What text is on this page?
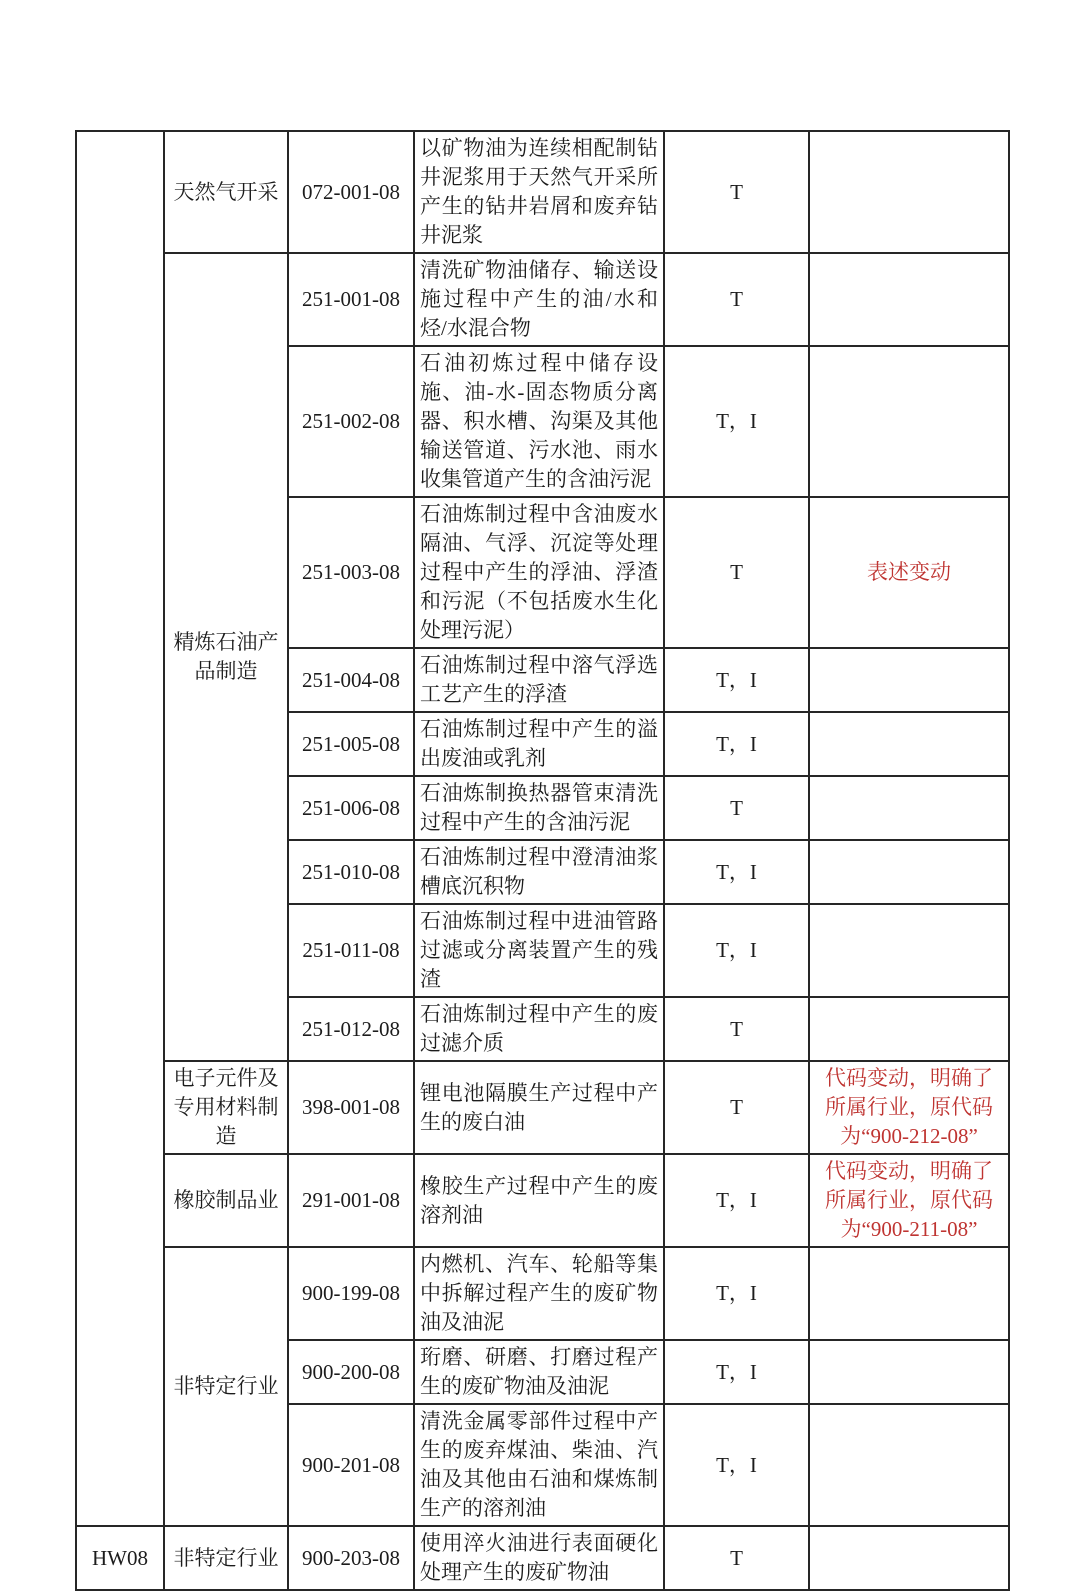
	天然气开采	072-001-08	以矿物油为连续相配制钻井泥浆用于天然气开采所产生的钻井岩屑和废弃钻井泥浆	T	
	精炼石油产品制造	251-001-08	清洗矿物油储存、输送设施过程中产生的油/水和烃/水混合物	T	
		251-002-08	石油初炼过程中储存设施、油-水-固态物质分离器、积水槽、沟渠及其他输送管道、污水池、雨水收集管道产生的含油污泥	T，I	
		251-003-08	石油炼制过程中含油废水隔油、气浮、沉淀等处理过程中产生的浮油、浮渣和污泥（不包括废水生化处理污泥）	T	表述变动
		251-004-08	石油炼制过程中溶气浮选工艺产生的浮渣	T，I	
		251-005-08	石油炼制过程中产生的溢出废油或乳剂	T，I	
		251-006-08	石油炼制换热器管束清洗过程中产生的含油污泥	T	
		251-010-08	石油炼制过程中澄清油浆槽底沉积物	T，I	
		251-011-08	石油炼制过程中进油管路过滤或分离装置产生的残渣	T，I	
		251-012-08	石油炼制过程中产生的废过滤介质	T	
	电子元件及专用材料制造	398-001-08	锂电池隔膜生产过程中产生的废白油	T	代码变动，明确了所属行业，原代码为“900-212-08”
	橡胶制品业	291-001-08	橡胶生产过程中产生的废溶剂油	T，I	代码变动，明确了所属行业，原代码为“900-211-08”
	非特定行业	900-199-08	内燃机、汽车、轮船等集中拆解过程产生的废矿物油及油泥	T，I	
		900-200-08	珩磨、研磨、打磨过程产生的废矿物油及油泥	T，I	
		900-201-08	清洗金属零部件过程中产生的废弃煤油、柴油、汽油及其他由石油和煤炼制生产的溶剂油	T，I	
HW08	非特定行业	900-203-08	使用淬火油进行表面硬化处理产生的废矿物油	T	
